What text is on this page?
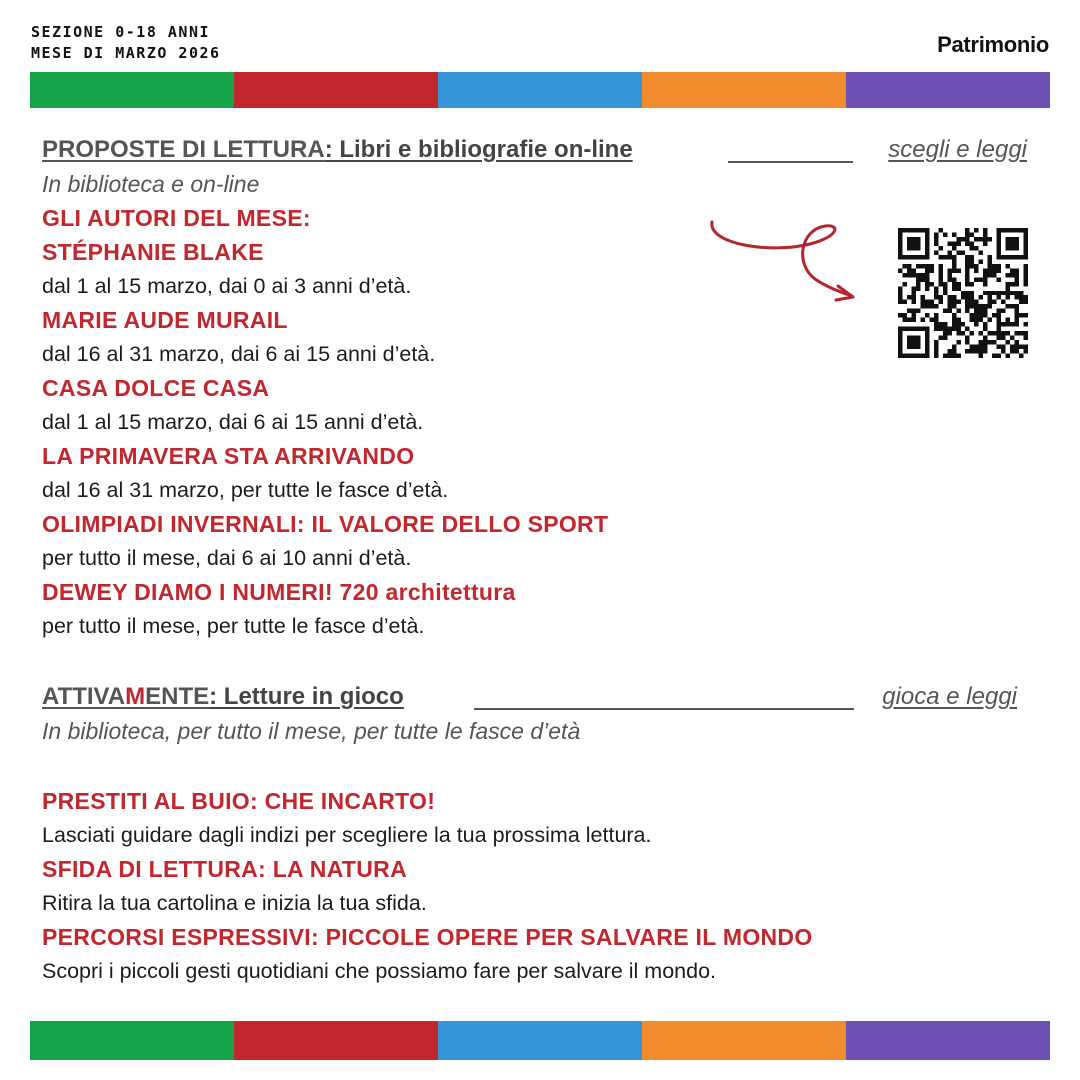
SEZIONE 0-18 ANNI
MESE DI MARZO 2026	Patrimonio
PROPOSTE DI LETTURA: Libri e bibliografie on-line	scegli e leggi
In biblioteca e on-line
GLI AUTORI DEL MESE:
STÉPHANIE BLAKE
dal 1 al 15 marzo, dai 0 ai 3 anni d’età.
MARIE AUDE MURAIL
dal 16 al 31 marzo, dai 6 ai 15 anni d’età.
CASA DOLCE CASA
dal 1 al 15 marzo, dai 6 ai 15 anni d’età.
LA PRIMAVERA STA ARRIVANDO
dal 16 al 31 marzo, per tutte le fasce d’età.
OLIMPIADI INVERNALI: IL VALORE DELLO SPORT
per tutto il mese, dai 6 ai 10 anni d’età.
DEWEY DIAMO I NUMERI! 720 architettura
per tutto il mese, per tutte le fasce d’età.
ATTIVAMENTE: Letture in gioco	gioca e leggi
In biblioteca, per tutto il mese, per tutte le fasce d’età
PRESTITI AL BUIO: CHE INCARTO!
Lasciati guidare dagli indizi per scegliere la tua prossima lettura.
SFIDA DI LETTURA: LA NATURA
Ritira la tua cartolina e inizia la tua sfida.
PERCORSI ESPRESSIVI: PICCOLE OPERE PER SALVARE IL MONDO
Scopri i piccoli gesti quotidiani che possiamo fare per salvare il mondo.
